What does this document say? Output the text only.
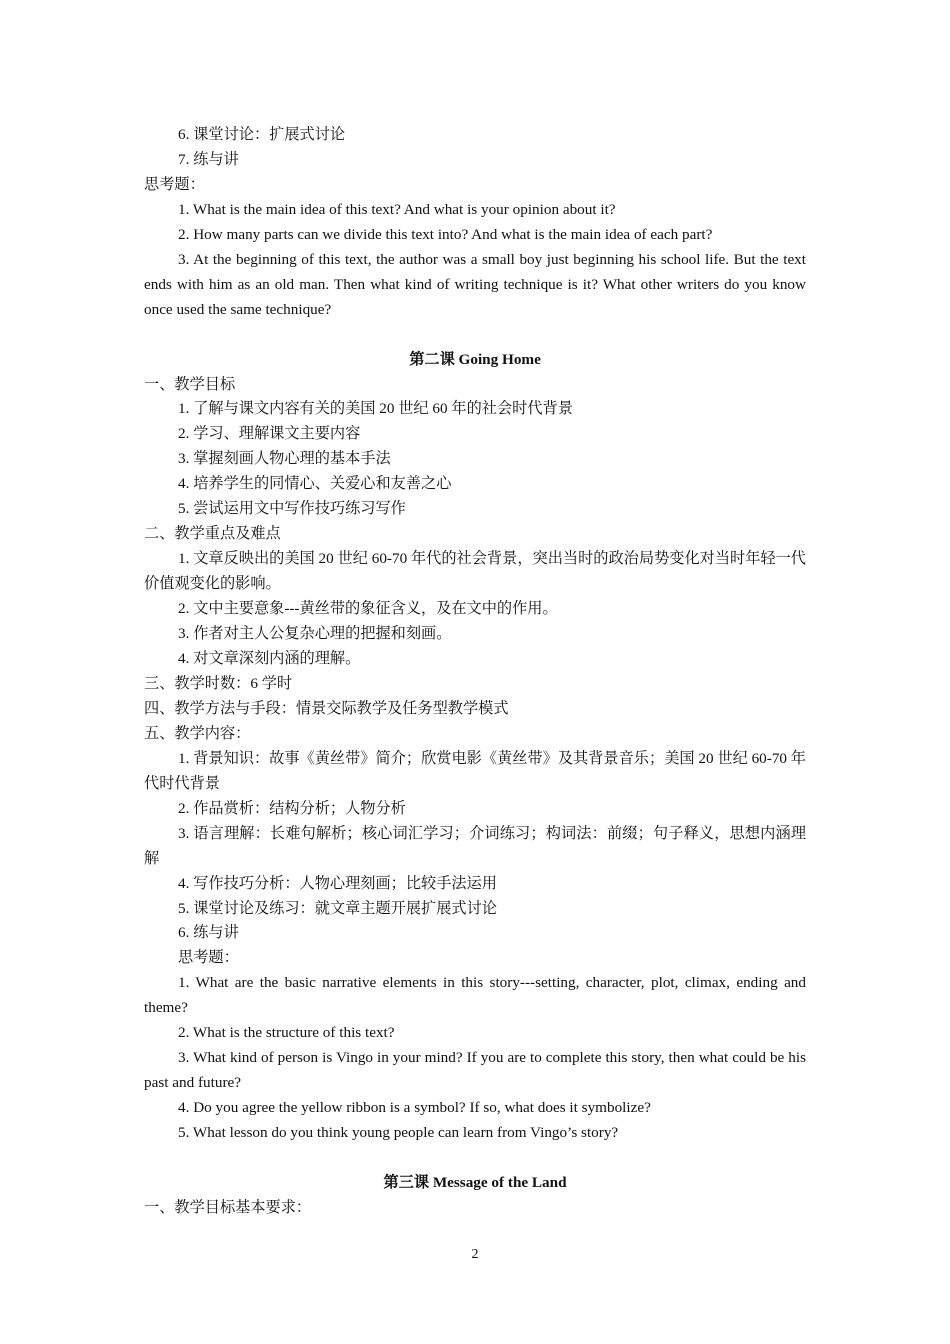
6. 课堂讨论：扩展式讨论

7. 练与讲

思考题：

1. What is the main idea of this text? And what is your opinion about it?

2. How many parts can we divide this text into? And what is the main idea of each part?

3. At the beginning of this text, the author was a small boy just beginning his school life. But the text ends with him as an old man. Then what kind of writing technique is it? What other writers do you know once used the same technique?

第二课 Going Home

一、教学目标

1. 了解与课文内容有关的美国 20 世纪 60 年的社会时代背景

2. 学习、理解课文主要内容

3. 掌握刻画人物心理的基本手法

4. 培养学生的同情心、关爱心和友善之心

5. 尝试运用文中写作技巧练习写作

二、教学重点及难点

1. 文章反映出的美国 20 世纪 60-70 年代的社会背景，突出当时的政治局势变化对当时年轻一代价值观变化的影响。

2. 文中主要意象---黄丝带的象征含义，及在文中的作用。

3. 作者对主人公复杂心理的把握和刻画。

4. 对文章深刻内涵的理解。

三、教学时数：6 学时

四、教学方法与手段：情景交际教学及任务型教学模式

五、教学内容：

1. 背景知识：故事《黄丝带》简介；欣赏电影《黄丝带》及其背景音乐；美国 20 世纪 60-70 年代时代背景

2. 作品赏析：结构分析；人物分析

3. 语言理解：长难句解析；核心词汇学习；介词练习；构词法：前缀；句子释义，思想内涵理解

4. 写作技巧分析：人物心理刻画；比较手法运用

5. 课堂讨论及练习：就文章主题开展扩展式讨论

6. 练与讲

思考题：

1. What are the basic narrative elements in this story---setting, character, plot, climax, ending and theme?

2. What is the structure of this text?

3. What kind of person is Vingo in your mind? If you are to complete this story, then what could be his past and future?

4. Do you agree the yellow ribbon is a symbol? If so, what does it symbolize?

5. What lesson do you think young people can learn from Vingo’s story?

第三课 Message of the Land

一、教学目标基本要求：

2
